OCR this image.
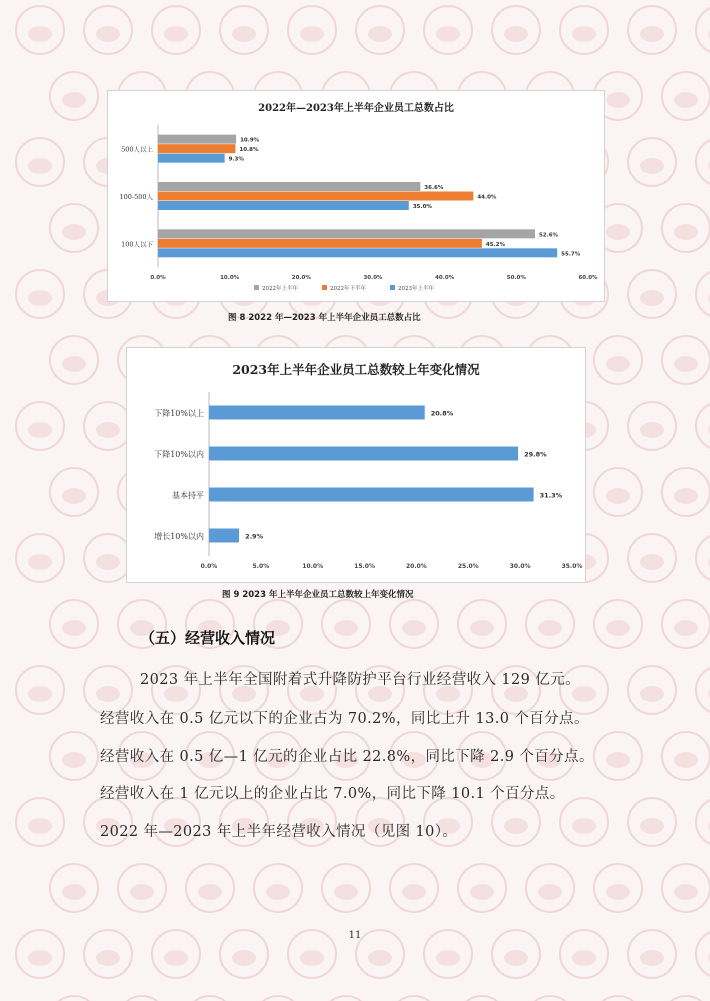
2022年—2023年上半年企业员工总数占比
500人以上
10.9%
10.8%
9.3%
100-500人
36.6%
44.0%
35.0%
100人以下
52.6%
45.2%
55.7%
0.0%	10.0%	20.0%	30.0%	40.0%	50.0%	60.0%
2022年上半年	2022年下半年	2023年上半年
图 8 2022 年—2023 年上半年企业员工总数占比
2023年上半年企业员工总数较上年变化情况
下降10%以上	20.8%
下降10%以内	29.8%
基本持平	31.3%
增长10%以内	2.9%
0.0%	5.0%	10.0%	15.0%	20.0%	25.0%	30.0%	35.0%
图 9 2023 年上半年企业员工总数较上年变化情况
（五）经营收入情况
2023 年上半年全国附着式升降防护平台行业经营收入 129 亿元。
经营收入在 0.5 亿元以下的企业占为 70.2%，同比上升 13.0 个百分点。
经营收入在 0.5 亿—1 亿元的企业占比 22.8%，同比下降 2.9 个百分点。
经营收入在 1 亿元以上的企业占比 7.0%，同比下降 10.1 个百分点。
2022 年—2023 年上半年经营收入情况（见图 10）。
11
